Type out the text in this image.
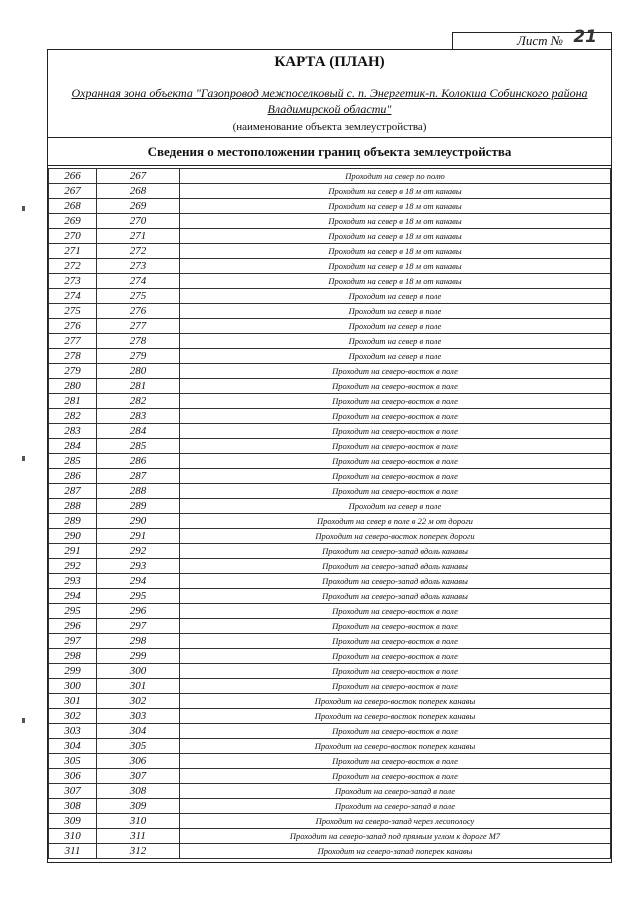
Лист № 21
КАРТА (ПЛАН)
Охранная зона объекта "Газопровод межпоселковый с. п. Энергетик-п. Колокша Собинского района
Владимирской области"
(наименование объекта землеустройства)
Сведения о местоположении границ объекта землеустройства
266	267	Проходит на север по полю
267	268	Проходит на север в 18 м от канавы
268	269	Проходит на север в 18 м от канавы
269	270	Проходит на север в 18 м от канавы
270	271	Проходит на север в 18 м от канавы
271	272	Проходит на север в 18 м от канавы
272	273	Проходит на север в 18 м от канавы
273	274	Проходит на север в 18 м от канавы
274	275	Проходит на север в поле
275	276	Проходит на север в поле
276	277	Проходит на север в поле
277	278	Проходит на север в поле
278	279	Проходит на север в поле
279	280	Проходит на северо-восток в поле
280	281	Проходит на северо-восток в поле
281	282	Проходит на северо-восток в поле
282	283	Проходит на северо-восток в поле
283	284	Проходит на северо-восток в поле
284	285	Проходит на северо-восток в поле
285	286	Проходит на северо-восток в поле
286	287	Проходит на северо-восток в поле
287	288	Проходит на северо-восток в поле
288	289	Проходит на север в поле
289	290	Проходит на север в поле в 22 м от дороги
290	291	Проходит на северо-восток поперек дороги
291	292	Проходит на северо-запад вдоль канавы
292	293	Проходит на северо-запад вдоль канавы
293	294	Проходит на северо-запад вдоль канавы
294	295	Проходит на северо-запад вдоль канавы
295	296	Проходит на северо-восток в поле
296	297	Проходит на северо-восток в поле
297	298	Проходит на северо-восток в поле
298	299	Проходит на северо-восток в поле
299	300	Проходит на северо-восток в поле
300	301	Проходит на северо-восток в поле
301	302	Проходит на северо-восток поперек канавы
302	303	Проходит на северо-восток поперек канавы
303	304	Проходит на северо-восток в поле
304	305	Проходит на северо-восток поперек канавы
305	306	Проходит на северо-восток в поле
306	307	Проходит на северо-восток в поле
307	308	Проходит на северо-запад в поле
308	309	Проходит на северо-запад в поле
309	310	Проходит на северо-запад через лесополосу
310	311	Проходит на северо-запад под прямым углом к дороге М7
311	312	Проходит на северо-запад поперек канавы
